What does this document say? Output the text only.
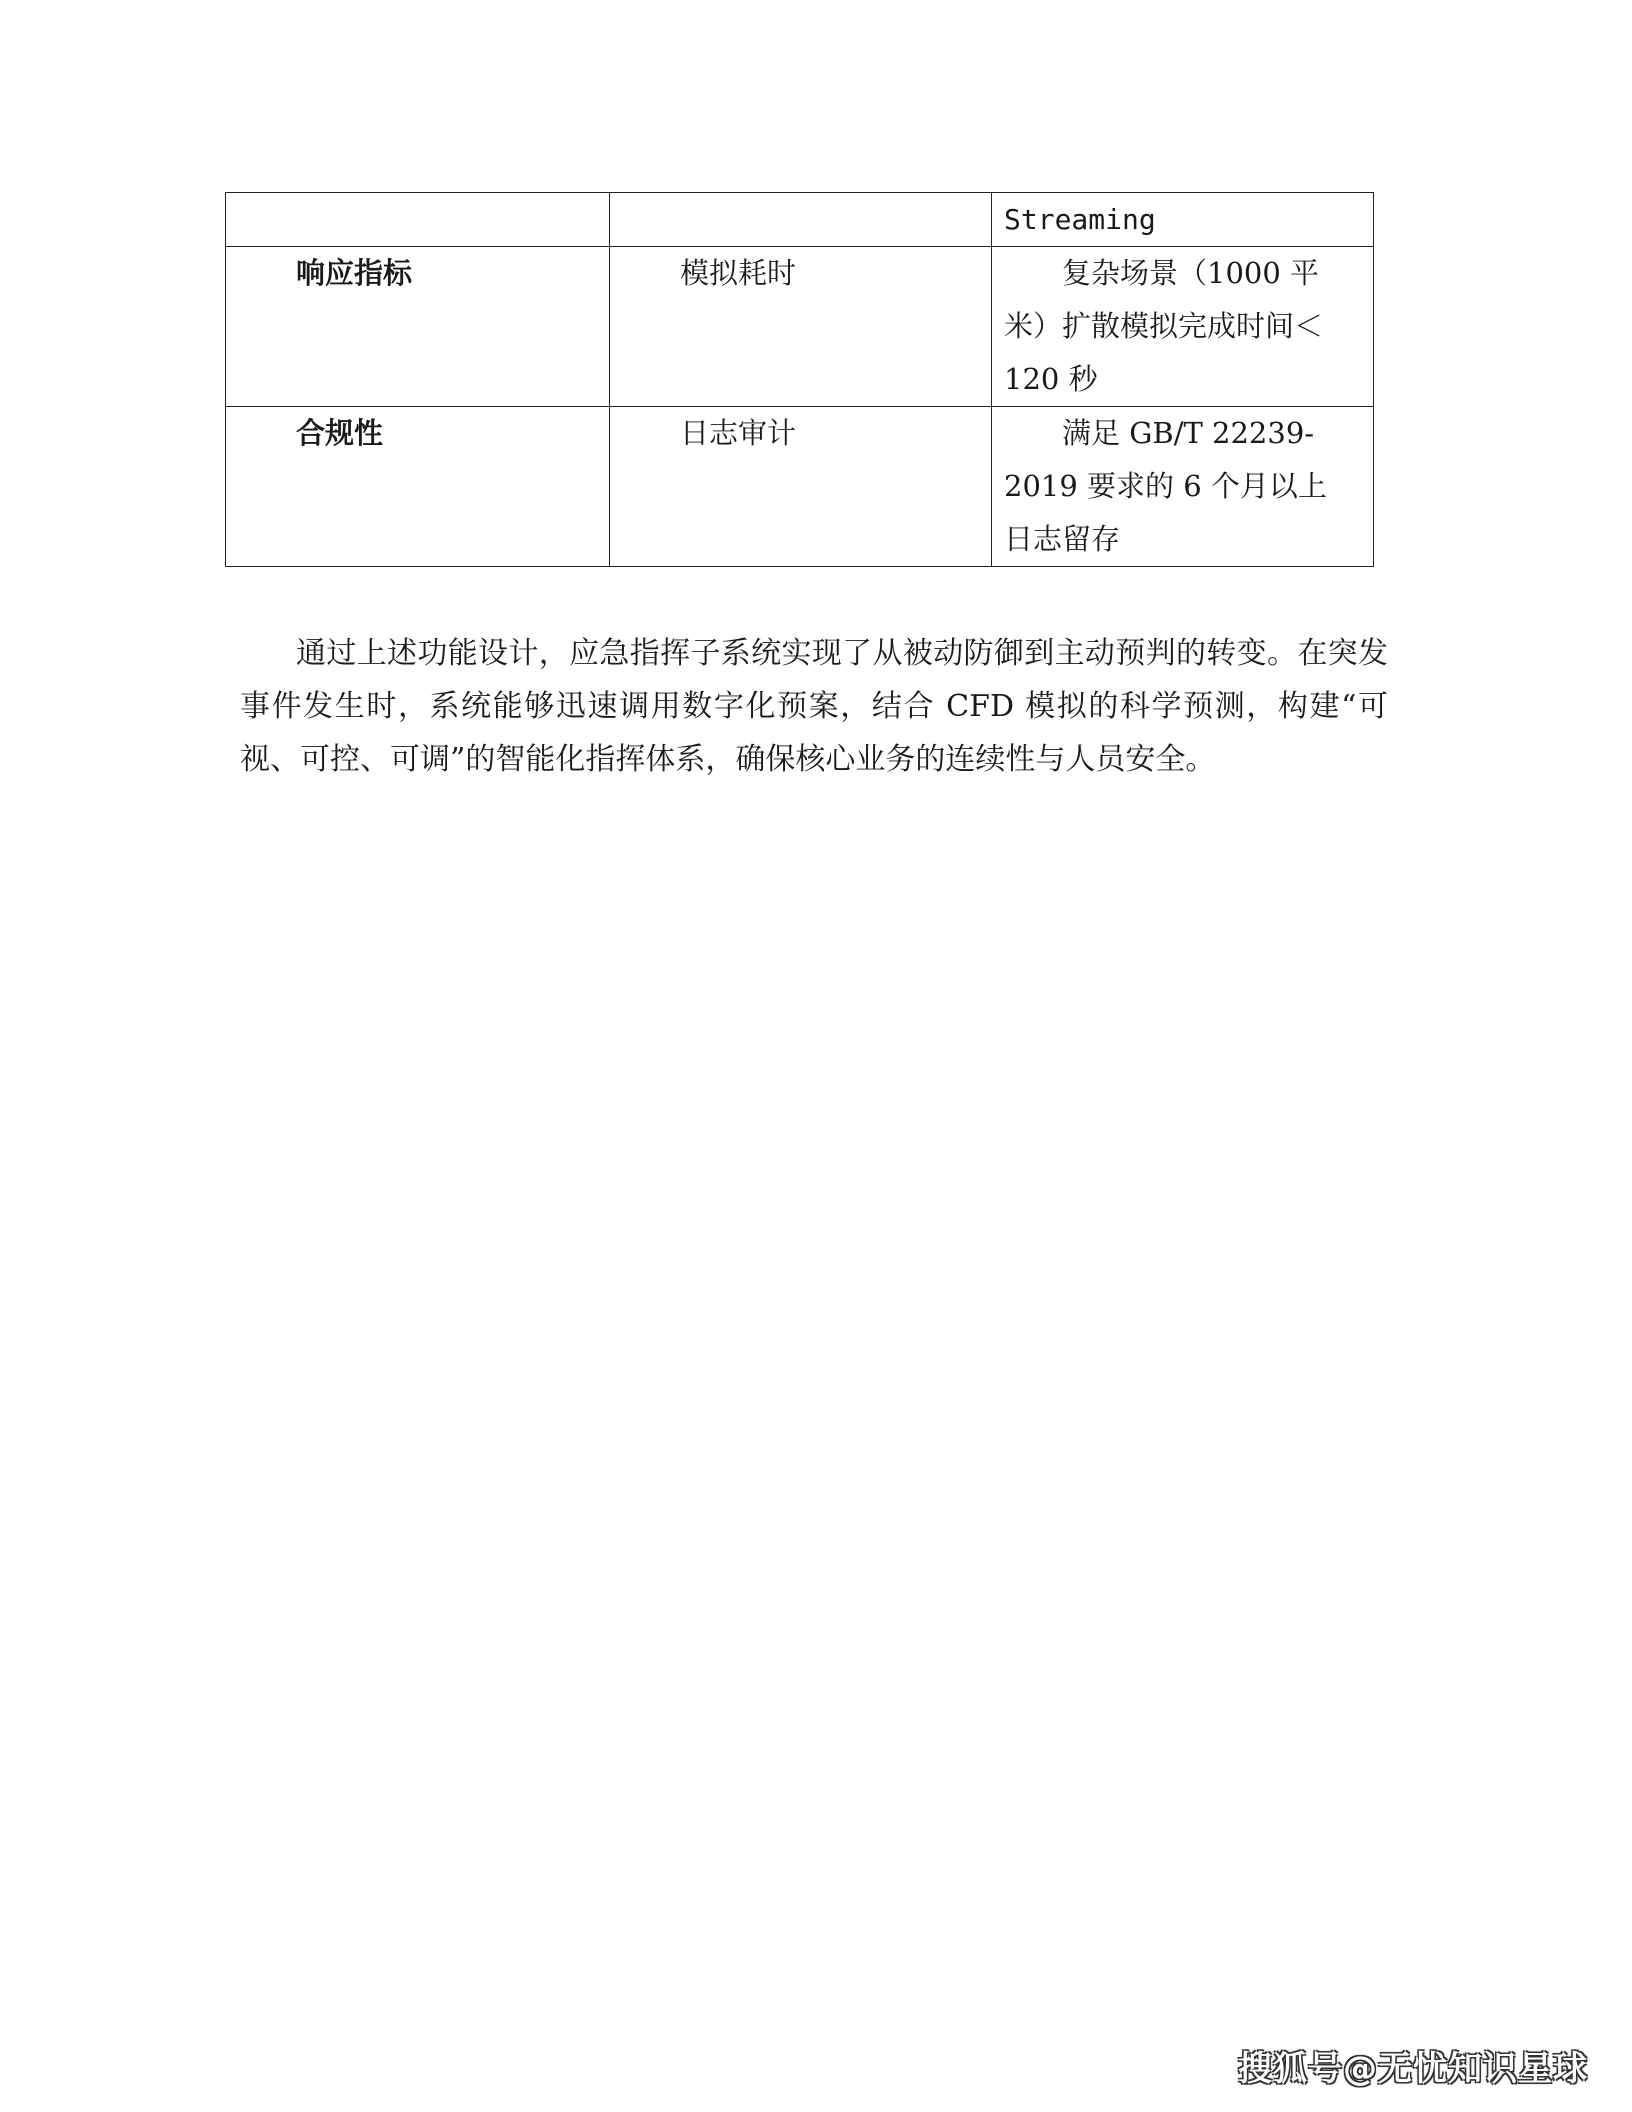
		Streaming
响应指标	模拟耗时	复杂场景（1000 平
米）扩散模拟完成时间＜
120 秒

合规性	日志审计	满足 GB/T 22239-
2019 要求的 6 个月以上
日志留存

通过上述功能设计，应急指挥子系统实现了从被动防御到主动预判的转变。在突发事件发生时，系统能够迅速调用数字化预案，结合 CFD 模拟的科学预测，构建“可视、可控、可调”的智能化指挥体系，确保核心业务的连续性与人员安全。

搜狐号@无忧知识星球
